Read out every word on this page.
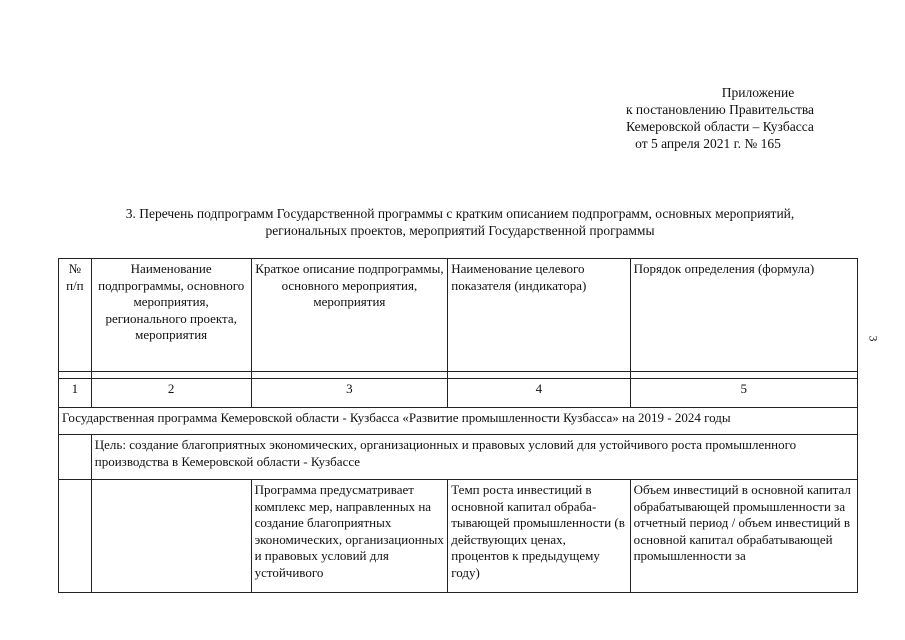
Приложение
к постановлению Правительства
Кемеровской области – Кузбасса
от 5 апреля 2021 г. № 165
3. Перечень подпрограмм Государственной программы с кратким описанием подпрограмм, основных мероприятий,
региональных проектов, мероприятий Государственной программы
3
№ п/п	Наименование подпрограммы, основного мероприятия, регионального проекта, мероприятия	Краткое описание подпрограммы, основного мероприятия, мероприятия	Наименование целевого показателя (индикатора)	Порядок определения (формула)

1	2	3	4	5
Государственная программа Кемеровской области - Кузбасса «Развитие промышленности Кузбасса» на 2019 - 2024 годы				
	Цель: создание благоприятных экономических, организационных и правовых условий для устойчивого роста промышленного производства в Кемеровской области - Кузбассе			
		Программа предусматривает комплекс мер, направленных на создание благоприятных экономических, организационных и правовых условий для устойчивого	Темп роста инвестиций в основной капитал обраба-тывающей промышленности (в действующих ценах, процентов к предыдущему году)	Объем инвестиций в основной капитал обрабатывающей промышленности за отчетный период / объем инвестиций в основной капитал обрабатывающей промышленности за
